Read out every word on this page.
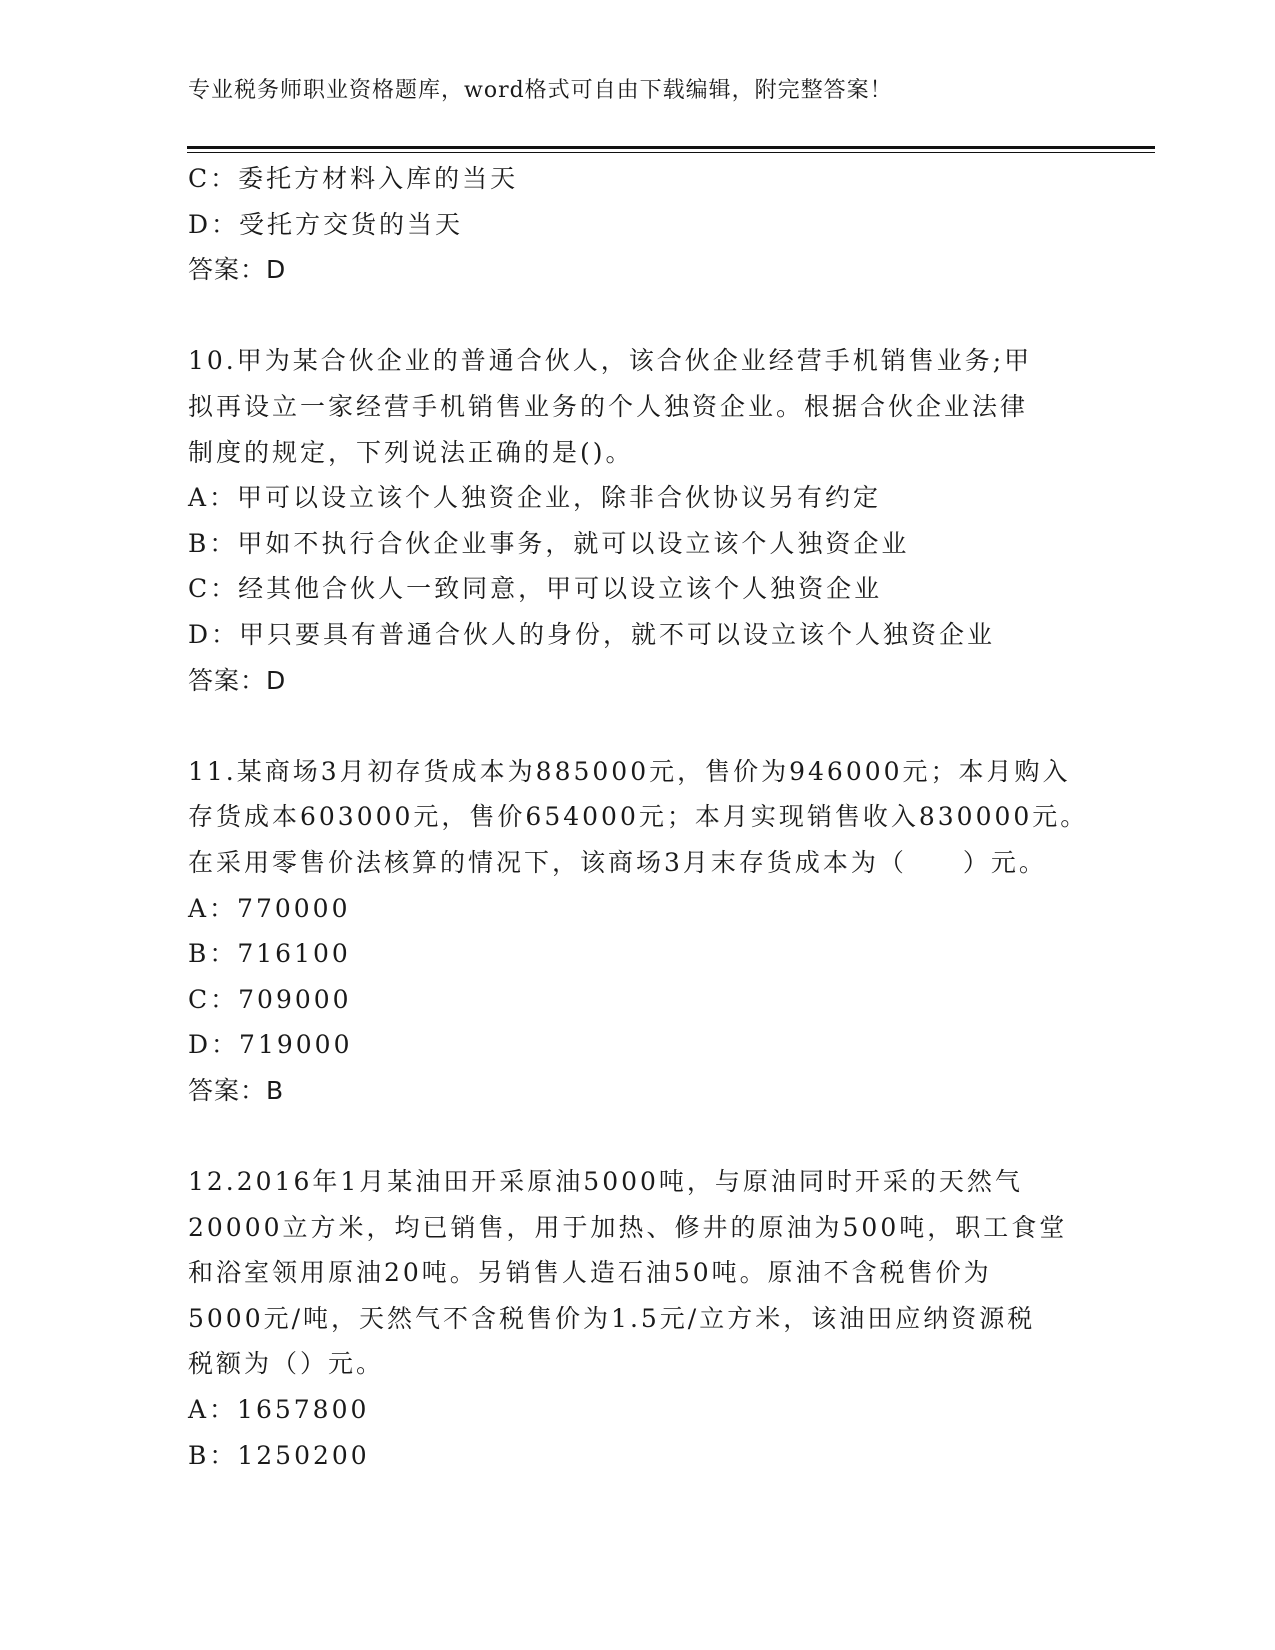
专业税务师职业资格题库，word格式可自由下载编辑，附完整答案！
C：委托方材料入库的当天
D：受托方交货的当天
答案：D
10.甲为某合伙企业的普通合伙人，该合伙企业经营手机销售业务;甲
拟再设立一家经营手机销售业务的个人独资企业。根据合伙企业法律
制度的规定，下列说法正确的是()。
A：甲可以设立该个人独资企业，除非合伙协议另有约定
B：甲如不执行合伙企业事务，就可以设立该个人独资企业
C：经其他合伙人一致同意，甲可以设立该个人独资企业
D：甲只要具有普通合伙人的身份，就不可以设立该个人独资企业
答案：D
11.某商场3月初存货成本为885000元，售价为946000元；本月购入
存货成本603000元，售价654000元；本月实现销售收入830000元。
在采用零售价法核算的情况下，该商场3月末存货成本为（　　）元。
A：770000
B：716100
C：709000
D：719000
答案：B
12.2016年1月某油田开采原油5000吨，与原油同时开采的天然气
20000立方米，均已销售，用于加热、修井的原油为500吨，职工食堂
和浴室领用原油20吨。另销售人造石油50吨。原油不含税售价为
5000元/吨，天然气不含税售价为1.5元/立方米，该油田应纳资源税
税额为（）元。
A：1657800
B：1250200
